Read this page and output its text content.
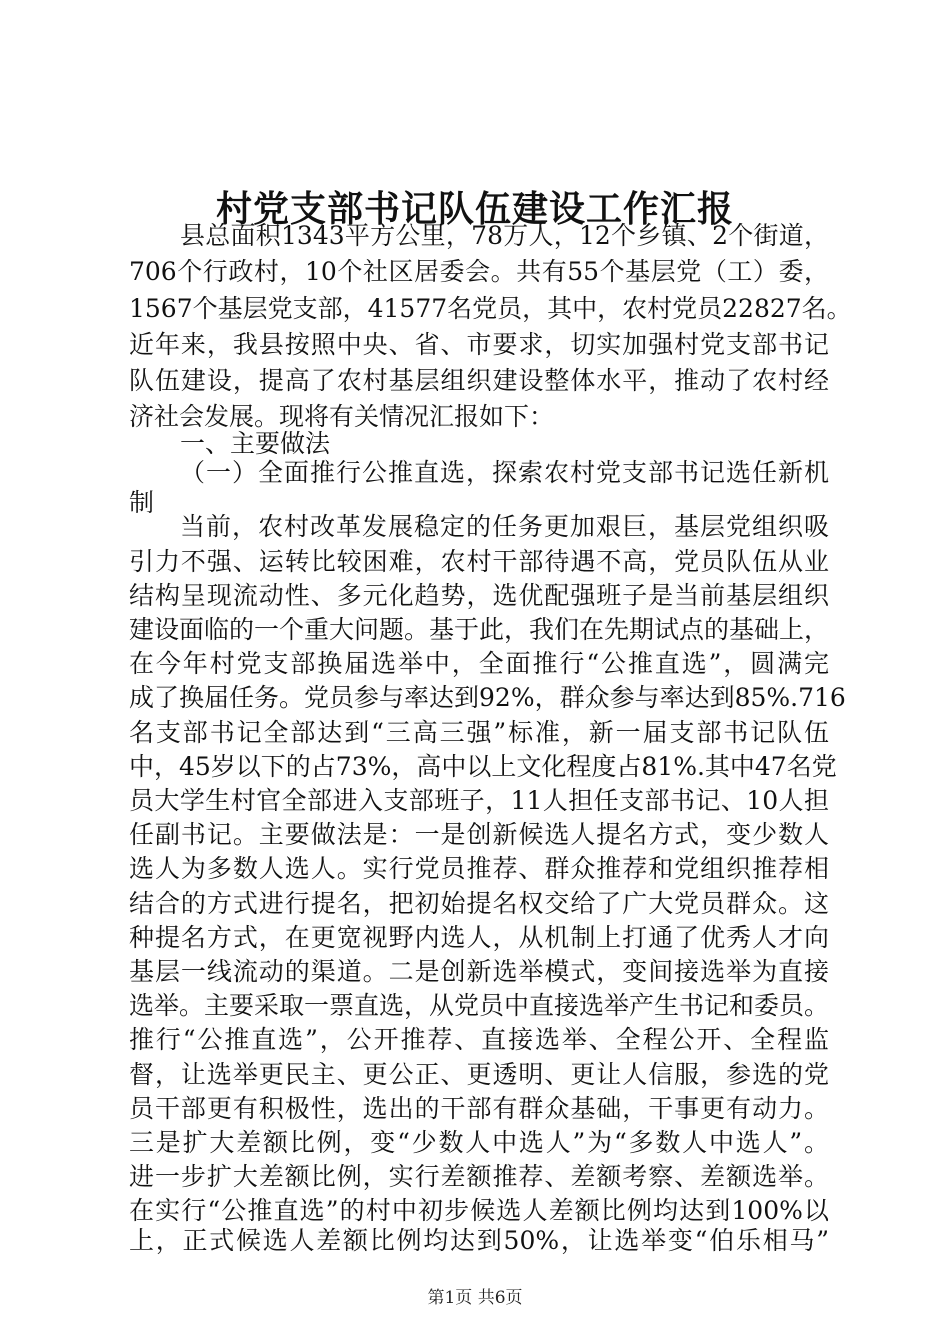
村党支部书记队伍建设工作汇报
县总面积1343平方公里，78万人，12个乡镇、2个街道，
706个行政村，10个社区居委会。共有55个基层党（工）委，
1567个基层党支部，41577名党员，其中，农村党员22827名。
近年来，我县按照中央、省、市要求，切实加强村党支部书记
队伍建设，提高了农村基层组织建设整体水平，推动了农村经
济社会发展。现将有关情况汇报如下：
一、主要做法
（一）全面推行公推直选，探索农村党支部书记选任新机
制
当前，农村改革发展稳定的任务更加艰巨，基层党组织吸
引力不强、运转比较困难，农村干部待遇不高，党员队伍从业
结构呈现流动性、多元化趋势，选优配强班子是当前基层组织
建设面临的一个重大问题。基于此，我们在先期试点的基础上，
在今年村党支部换届选举中，全面推行“公推直选”，圆满完
成了换届任务。党员参与率达到92%，群众参与率达到85%.716
名支部书记全部达到“三高三强”标准，新一届支部书记队伍
中，45岁以下的占73%，高中以上文化程度占81%.其中47名党
员大学生村官全部进入支部班子，11人担任支部书记、10人担
任副书记。主要做法是：一是创新候选人提名方式，变少数人
选人为多数人选人。实行党员推荐、群众推荐和党组织推荐相
结合的方式进行提名，把初始提名权交给了广大党员群众。这
种提名方式，在更宽视野内选人，从机制上打通了优秀人才向
基层一线流动的渠道。二是创新选举模式，变间接选举为直接
选举。主要采取一票直选，从党员中直接选举产生书记和委员。
推行“公推直选”，公开推荐、直接选举、全程公开、全程监
督，让选举更民主、更公正、更透明、更让人信服，参选的党
员干部更有积极性，选出的干部有群众基础，干事更有动力。
三是扩大差额比例，变“少数人中选人”为“多数人中选人”。
进一步扩大差额比例，实行差额推荐、差额考察、差额选举。
在实行“公推直选”的村中初步候选人差额比例均达到100%以
上，正式候选人差额比例均达到50%，让选举变“伯乐相马”
第1页 共6页
